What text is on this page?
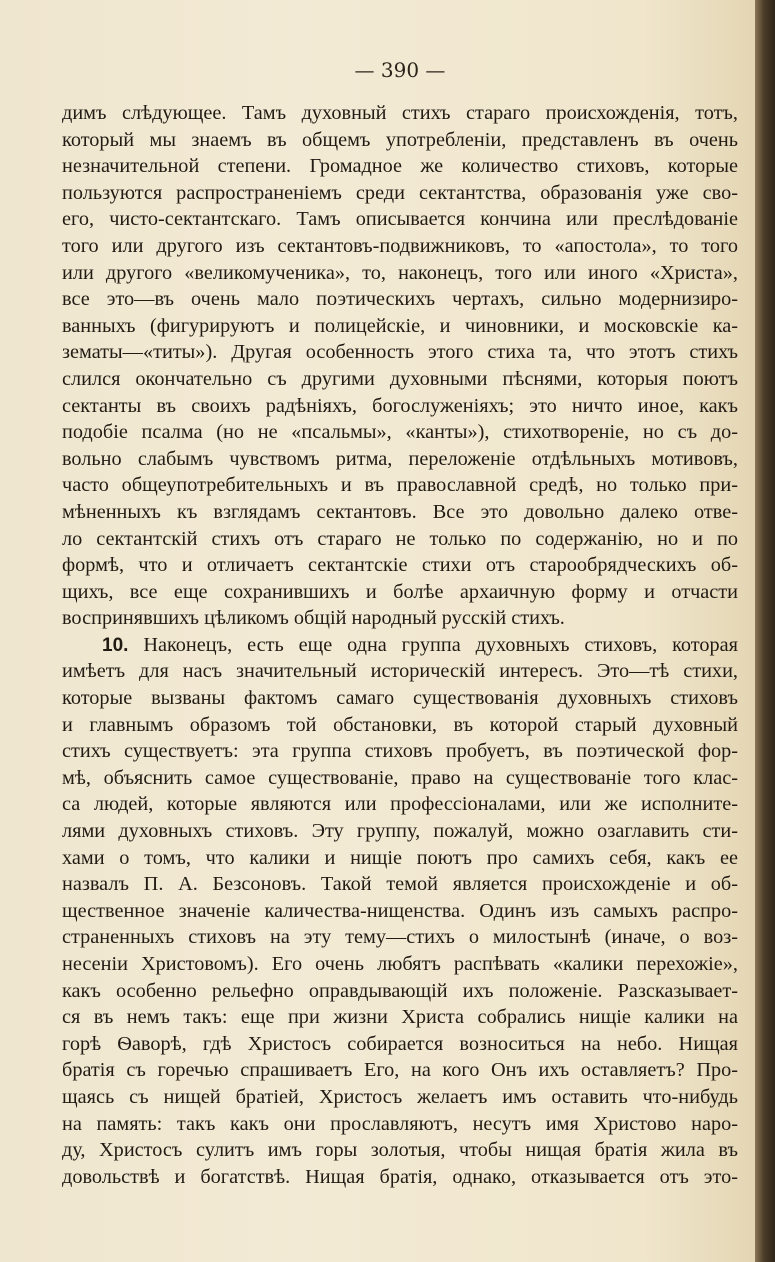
— 390 —
димъ слѣдующее. Тамъ духовный стихъ стараго происхожденія, тотъ,
который мы знаемъ въ общемъ употребленіи, представленъ въ очень
незначительной степени. Громадное же количество стиховъ, которые
пользуются распространеніемъ среди сектантства, образованія уже сво-
его, чисто-сектантскаго. Тамъ описывается кончина или преслѣдованіе
того или другого изъ сектантовъ-подвижниковъ, то «апостола», то того
или другого «великомученика», то, наконецъ, того или иного «Христа»,
все это—въ очень мало поэтическихъ чертахъ, сильно модернизиро-
ванныхъ (фигурируютъ и полицейскіе, и чиновники, и московскіе ка-
зематы—«титы»). Другая особенность этого стиха та, что этотъ стихъ
слился окончательно съ другими духовными пѣснями, которыя поютъ
сектанты въ своихъ радѣніяхъ, богослуженіяхъ; это ничто иное, какъ
подобіе псалма (но не «псальмы», «канты»), стихотвореніе, но съ до-
вольно слабымъ чувствомъ ритма, переложеніе отдѣльныхъ мотивовъ,
часто общеупотребительныхъ и въ православной средѣ, но только при-
мѣненныхъ къ взглядамъ сектантовъ. Все это довольно далеко отве-
ло сектантскій стихъ отъ стараго не только по содержанію, но и по
формѣ, что и отличаетъ сектантскіе стихи отъ старообрядческихъ об-
щихъ, все еще сохранившихъ и болѣе архаичную форму и отчасти
воспринявшихъ цѣликомъ общій народный русскій стихъ.
10. Наконецъ, есть еще одна группа духовныхъ стиховъ, которая
имѣетъ для насъ значительный историческій интересъ. Это—тѣ стихи,
которые вызваны фактомъ самаго существованія духовныхъ стиховъ
и главнымъ образомъ той обстановки, въ которой старый духовный
стихъ существуетъ: эта группа стиховъ пробуетъ, въ поэтической фор-
мѣ, объяснить самое существованіе, право на существованіе того клас-
са людей, которые являются или профессіоналами, или же исполните-
лями духовныхъ стиховъ. Эту группу, пожалуй, можно озаглавить сти-
хами о томъ, что калики и нищіе поютъ про самихъ себя, какъ ее
назвалъ П. А. Безсоновъ. Такой темой является происхожденіе и об-
щественное значеніе каличества-нищенства. Одинъ изъ самыхъ распро-
страненныхъ стиховъ на эту тему—стихъ о милостынѣ (иначе, о воз-
несеніи Христовомъ). Его очень любятъ распѣвать «калики перехожіе»,
какъ особенно рельефно оправдывающій ихъ положеніе. Разсказывает-
ся въ немъ такъ: еще при жизни Христа собрались нищіе калики на
горѣ Ѳаворѣ, гдѣ Христосъ собирается возноситься на небо. Нищая
братія съ горечью спрашиваетъ Его, на кого Онъ ихъ оставляетъ? Про-
щаясь съ нищей братіей, Христосъ желаетъ имъ оставить что-нибудь
на память: такъ какъ они прославляютъ, несутъ имя Христово наро-
ду, Христосъ сулитъ имъ горы золотыя, чтобы нищая братія жила въ
довольствѣ и богатствѣ. Нищая братія, однако, отказывается отъ это-
